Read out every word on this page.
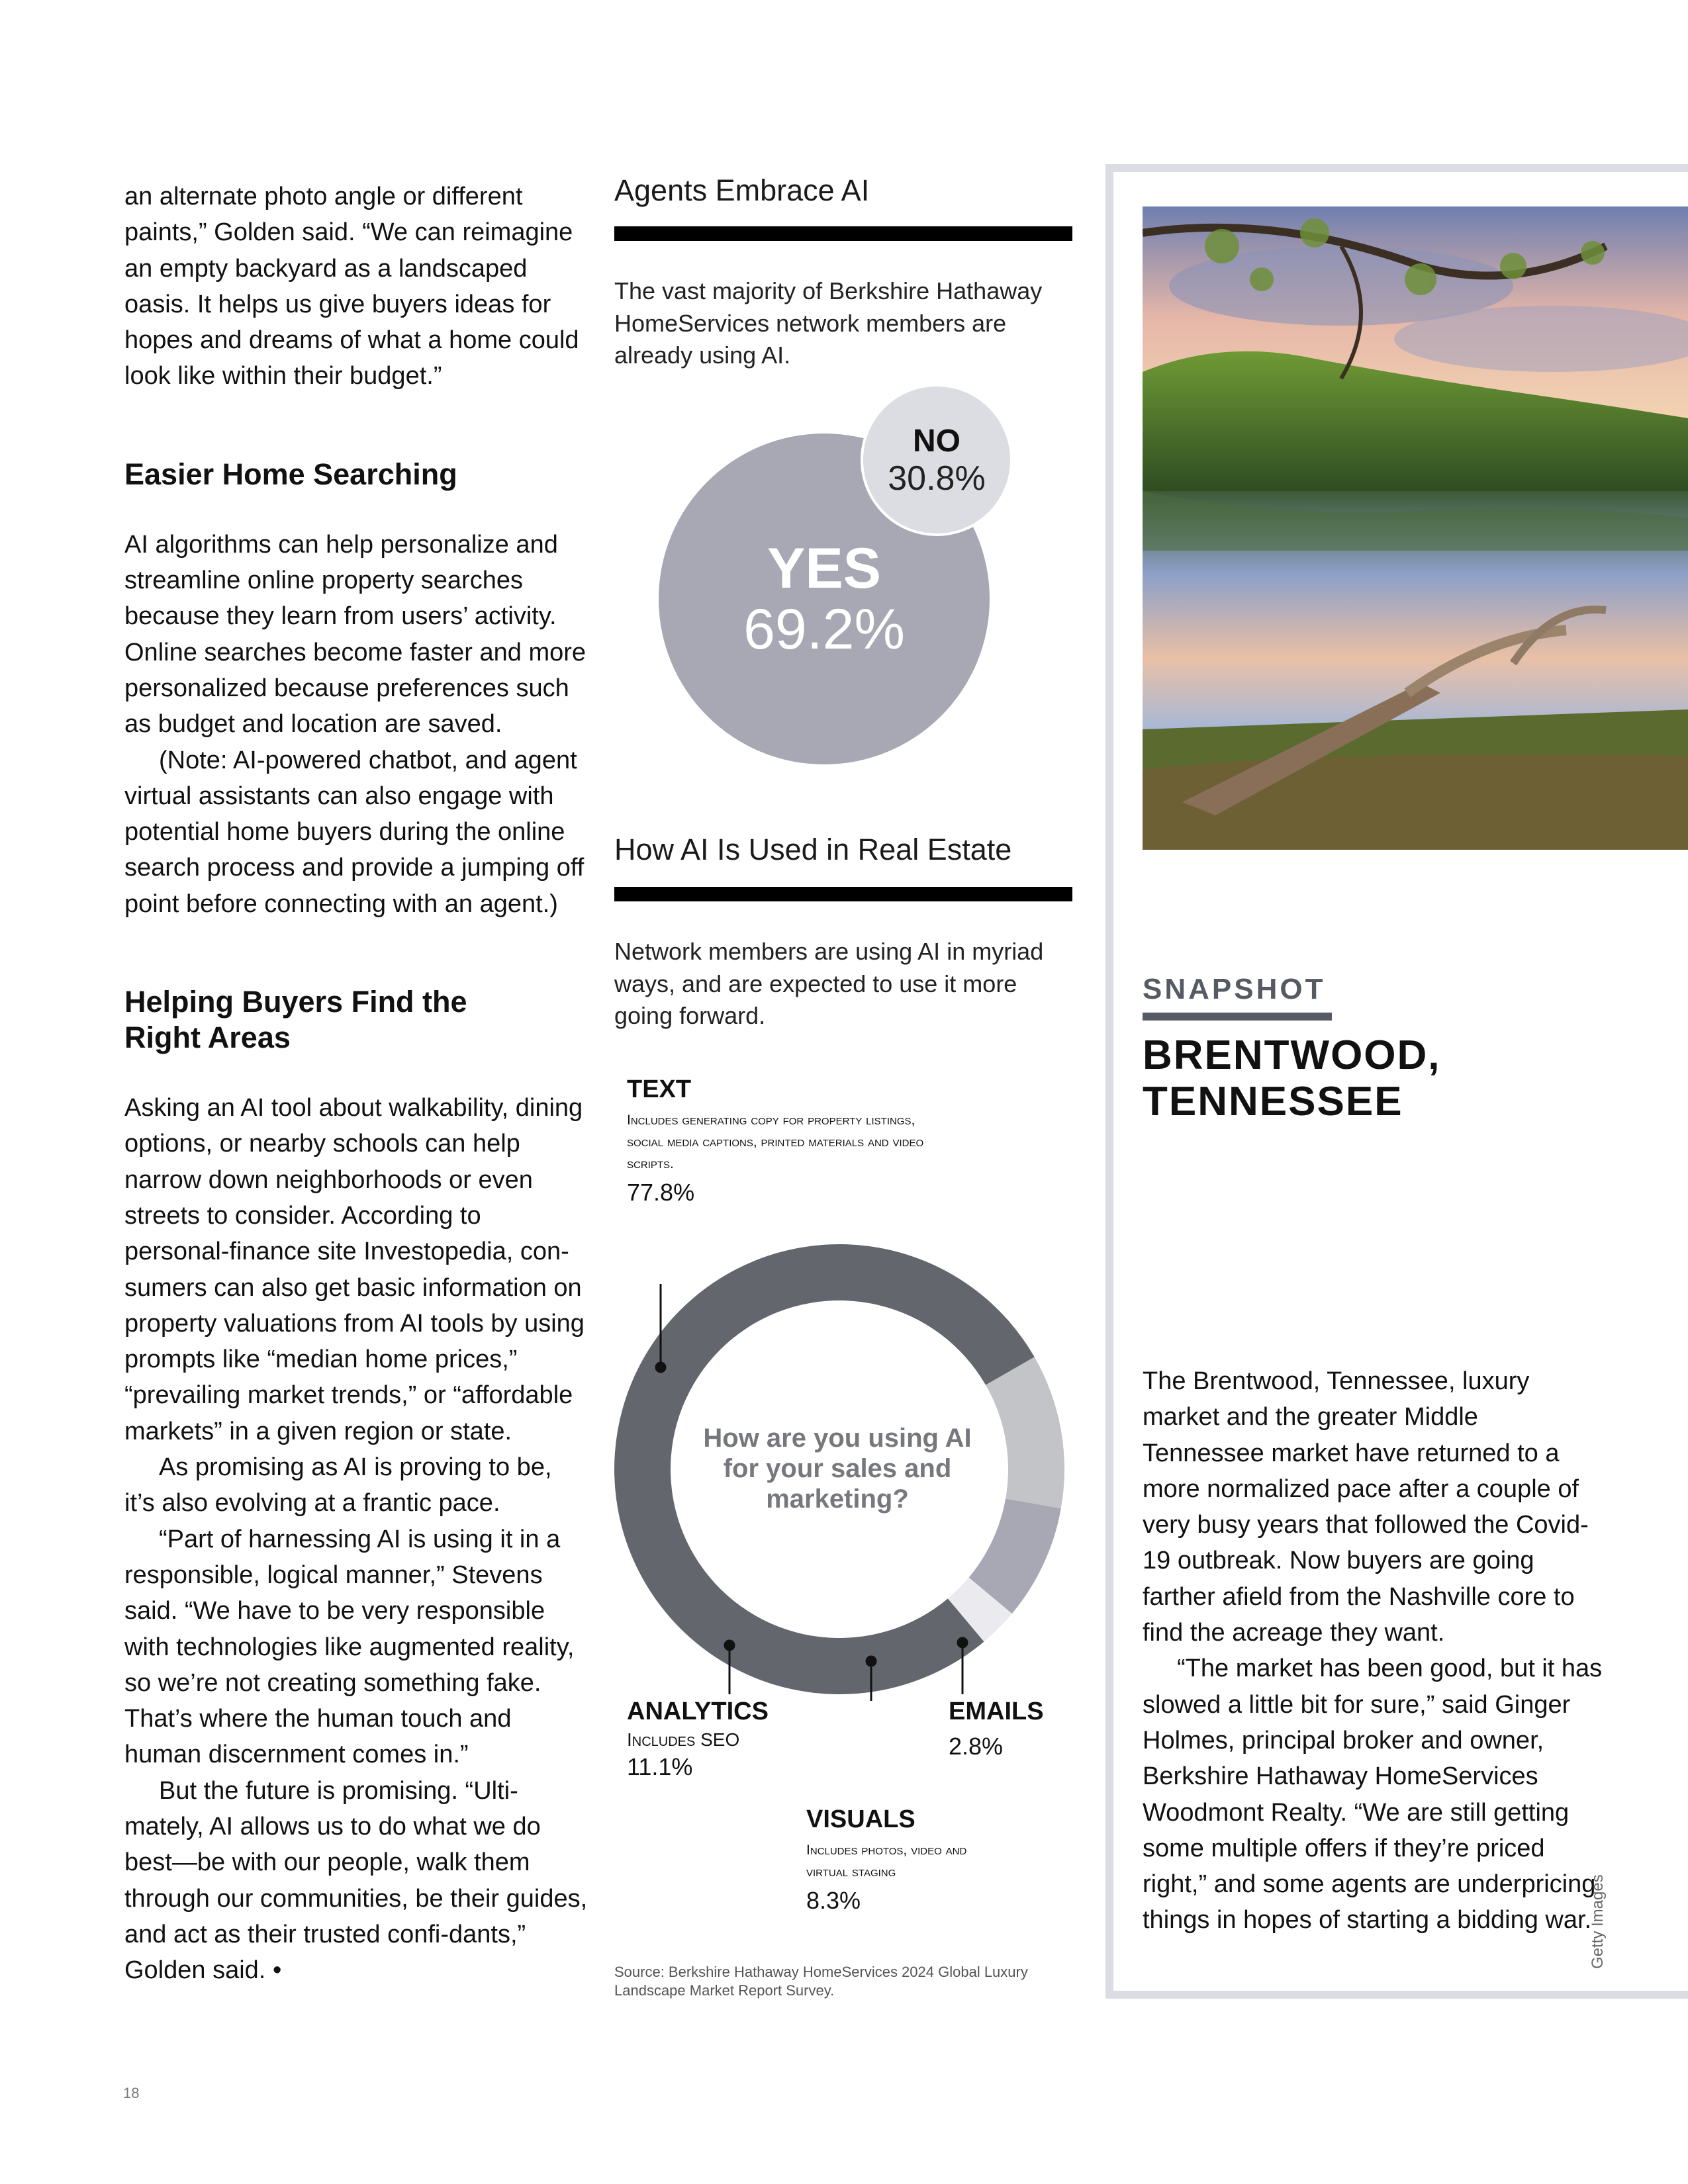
an alternate photo angle or different paints,” Golden said. “We can reimagine an empty backyard as a landscaped oasis. It helps us give buyers ideas for hopes and dreams of what a home could look like within their budget.”

Easier Home Searching

AI algorithms can help personalize and streamline online property searches because they learn from users’ activity. Online searches become faster and more personalized because preferences such as budget and location are saved.

(Note: AI-powered chatbot, and agent virtual assistants can also engage with potential home buyers during the online search process and provide a jumping off point before connecting with an agent.)

Helping Buyers Find the Right Areas

Asking an AI tool about walkability, dining options, or nearby schools can help narrow down neighborhoods or even streets to consider. According to personal-finance site Investopedia, con-sumers can also get basic information on property valuations from AI tools by using prompts like “median home prices,” “prevailing market trends,” or “affordable markets” in a given region or state.

As promising as AI is proving to be, it’s also evolving at a frantic pace.

“Part of harnessing AI is using it in a responsible, logical manner,” Stevens said. “We have to be very responsible with technologies like augmented reality, so we’re not creating something fake. That’s where the human touch and human discernment comes in.”

But the future is promising. “Ulti-mately, AI allows us to do what we do best—be with our people, walk them through our communities, be their guides, and act as their trusted confi-dants,” Golden said. •

Agents Embrace AI
The vast majority of Berkshire Hathaway HomeServices network members are already using AI.
YES
69.2%
NO
30.8%
How AI Is Used in Real Estate
Network members are using AI in myriad ways, and are expected to use it more going forward.
How are you using AI for your sales and marketing?
TEXT
Includes generating copy for property listings, social media captions, printed materials and video scripts.
77.8%
ANALYTICS
Includes SEO
11.1%
EMAILS
2.8%
VISUALS
Includes photos, video and virtual staging
8.3%
Source: Berkshire Hathaway HomeServices 2024 Global Luxury Landscape Market Report Survey.
Getty Images
SNAPSHOT
BRENTWOOD,
TENNESSEE

The Brentwood, Tennessee, luxury market and the greater Middle Tennessee market have returned to a more normalized pace after a couple of very busy years that followed the Covid-19 outbreak. Now buyers are going farther afield from the Nashville core to find the acreage they want.

“The market has been good, but it has slowed a little bit for sure,” said Ginger Holmes, principal broker and owner, Berkshire Hathaway HomeServices Woodmont Realty. “We are still getting some multiple offers if they’re priced right,” and some agents are underpricing things in hopes of starting a bidding war.

18
